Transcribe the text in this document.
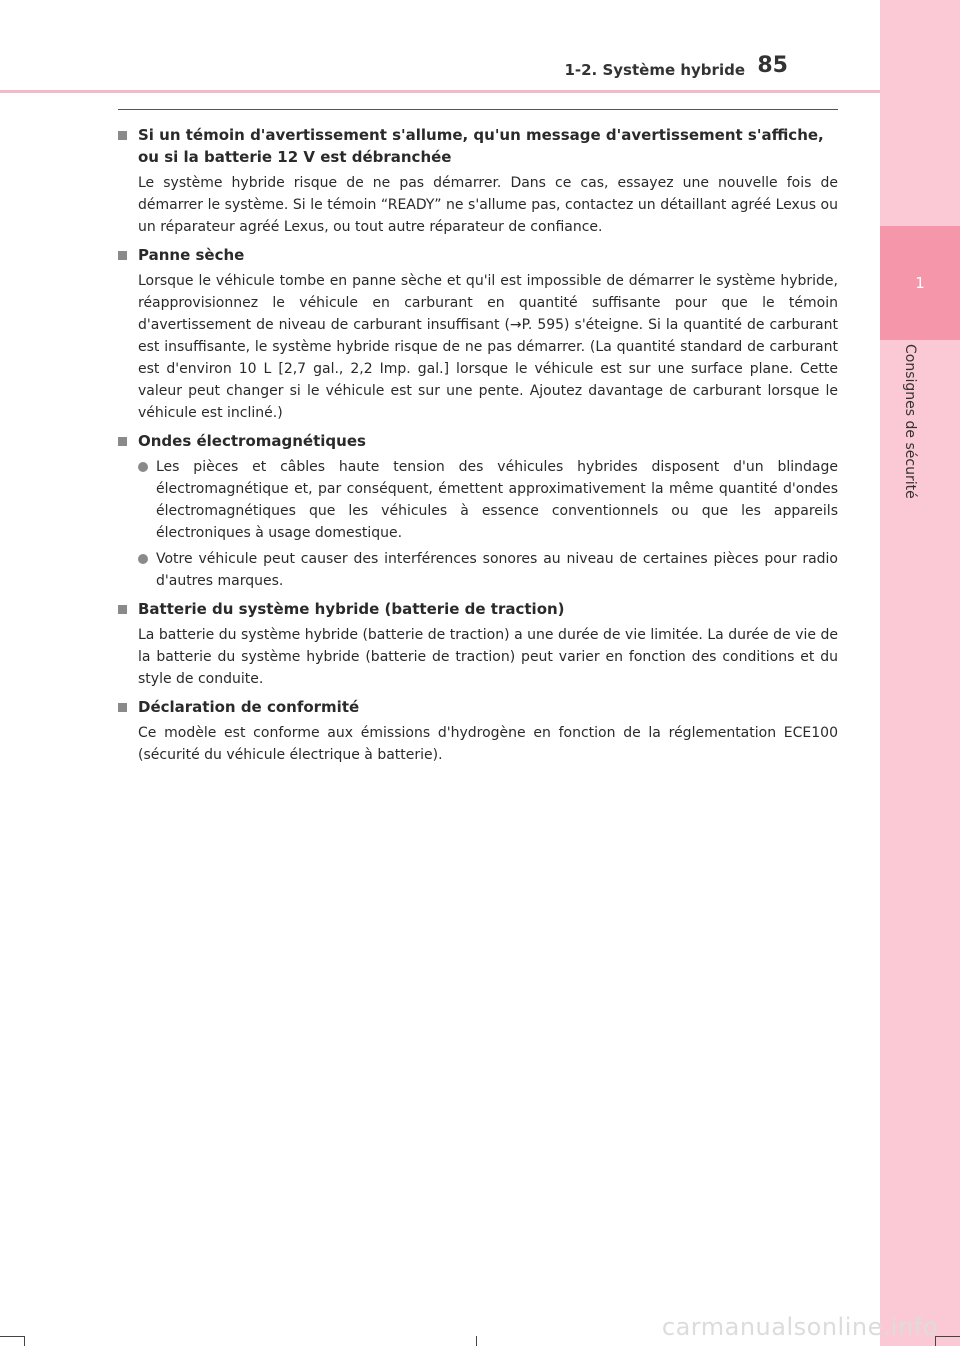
1-2. Système hybride 85
1
Consignes de sécurité
Si un témoin d'avertissement s'allume, qu'un message d'avertissement s'affiche, ou si la batterie 12 V est débranchée
Le système hybride risque de ne pas démarrer. Dans ce cas, essayez une nouvelle fois de démarrer le système. Si le témoin “READY” ne s'allume pas, contactez un détaillant agréé Lexus ou un réparateur agréé Lexus, ou tout autre réparateur de confiance.
Panne sèche
Lorsque le véhicule tombe en panne sèche et qu'il est impossible de démarrer le système hybride, réapprovisionnez le véhicule en carburant en quantité suffisante pour que le témoin d'avertissement de niveau de carburant insuffisant (→P. 595) s'éteigne. Si la quantité de carburant est insuffisante, le système hybride risque de ne pas démarrer. (La quantité standard de carburant est d'environ 10 L [2,7 gal., 2,2 Imp. gal.] lorsque le véhicule est sur une surface plane. Cette valeur peut changer si le véhicule est sur une pente. Ajoutez davantage de carburant lorsque le véhicule est incliné.)
Ondes électromagnétiques
Les pièces et câbles haute tension des véhicules hybrides disposent d'un blindage électromagnétique et, par conséquent, émettent approximativement la même quantité d'ondes électromagnétiques que les véhicules à essence conventionnels ou que les appareils électroniques à usage domestique.
Votre véhicule peut causer des interférences sonores au niveau de certaines pièces pour radio d'autres marques.
Batterie du système hybride (batterie de traction)
La batterie du système hybride (batterie de traction) a une durée de vie limitée. La durée de vie de la batterie du système hybride (batterie de traction) peut varier en fonction des conditions et du style de conduite.
Déclaration de conformité
Ce modèle est conforme aux émissions d'hydrogène en fonction de la réglementation ECE100 (sécurité du véhicule électrique à batterie).
carmanualsonline.info
